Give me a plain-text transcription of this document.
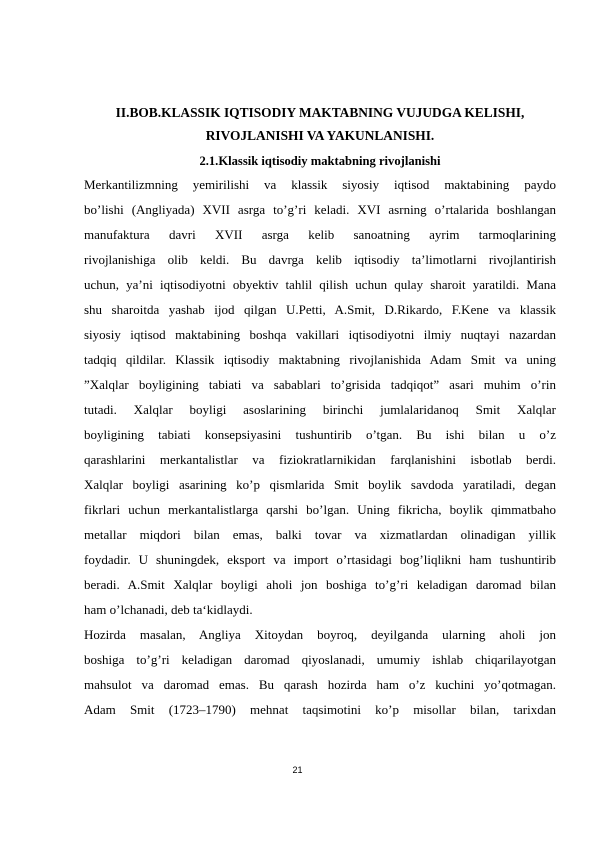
II.BOB.KLASSIK IQTISODIY MAKTABNING VUJUDGA KELISHI,
RIVOJLANISHI VA YAKUNLANISHI.
2.1.Klassik iqtisodiy maktabning rivojlanishi
Merkantilizmning yemirilishi va klassik siyosiy iqtisod maktabining paydo
bo’lishi (Angliyada) XVII asrga to’g’ri keladi. XVI asrning o’rtalarida boshlangan
manufaktura davri XVII asrga kelib sanoatning ayrim tarmoqlarining
rivojlanishiga olib keldi. Bu davrga kelib iqtisodiy ta’limotlarni rivojlantirish
uchun, ya’ni iqtisodiyotni obyektiv tahlil qilish uchun qulay sharoit yaratildi. Mana
shu sharoitda yashab ijod qilgan U.Petti, A.Smit, D.Rikardo, F.Kene va klassik
siyosiy iqtisod maktabining boshqa vakillari iqtisodiyotni ilmiy nuqtayi nazardan
tadqiq qildilar. Klassik iqtisodiy maktabning rivojlanishida Adam Smit va uning
”Xalqlar boyligining tabiati va sabablari to’grisida tadqiqot” asari muhim o’rin
tutadi. Xalqlar boyligi asoslarining birinchi jumlalaridanoq Smit Xalqlar
boyligining tabiati konsepsiyasini tushuntirib o’tgan. Bu ishi bilan u o’z
qarashlarini merkantalistlar va fiziokratlarnikidan farqlanishini isbotlab berdi.
Xalqlar boyligi asarining ko’p qismlarida Smit boylik savdoda yaratiladi, degan
fikrlari uchun merkantalistlarga qarshi bo’lgan. Uning fikricha, boylik qimmatbaho
metallar miqdori bilan emas, balki tovar va xizmatlardan olinadigan yillik
foydadir. U shuningdek, eksport va import o’rtasidagi bog’liqlikni ham tushuntirib
beradi. A.Smit Xalqlar boyligi aholi jon boshiga to’g’ri keladigan daromad bilan
ham o’lchanadi, deb ta‘kidlaydi.
Hozirda masalan, Angliya Xitoydan boyroq, deyilganda ularning aholi jon
boshiga to’g’ri keladigan daromad qiyoslanadi, umumiy ishlab chiqarilayotgan
mahsulot va daromad emas. Bu qarash hozirda ham o’z kuchini yo’qotmagan.
Adam Smit (1723–1790) mehnat taqsimotini ko’p misollar bilan, tarixdan
21
